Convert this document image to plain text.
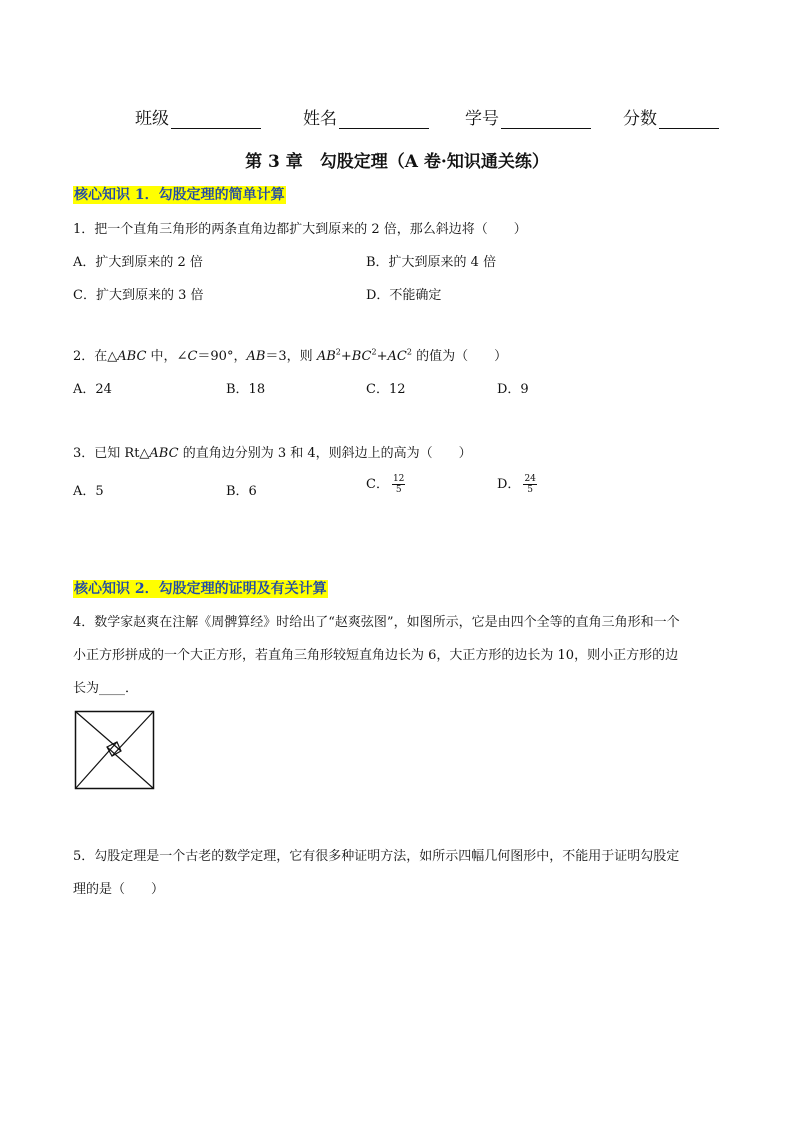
班级	姓名	学号	分数
第 3 章　勾股定理（A 卷·知识通关练）
核心知识 1．勾股定理的简单计算
1．把一个直角三角形的两条直角边都扩大到原来的 2 倍，那么斜边将（　　）
A．扩大到原来的 2 倍	B．扩大到原来的 4 倍
C．扩大到原来的 3 倍	D．不能确定
2．在△ABC 中，∠C＝90°，AB＝3，则 $AB^2+BC^2+AC^2$ 的值为（　　）
A．24	B．18	C．12	D．9
3．已知 Rt△ABC 的直角边分别为 3 和 4，则斜边上的高为（　　）
A．5	B．6	C． $\frac{12}{5}$	D． $\frac{24}{5}$
核心知识 2．勾股定理的证明及有关计算
4．数学家赵爽在注解《周髀算经》时给出了“赵爽弦图”，如图所示，它是由四个全等的直角三角形和一个
小正方形拼成的一个大正方形，若直角三角形较短直角边长为 6，大正方形的边长为 10，则小正方形的边
长为____．
5．勾股定理是一个古老的数学定理，它有很多种证明方法，如所示四幅几何图形中，不能用于证明勾股定
理的是（　　）
